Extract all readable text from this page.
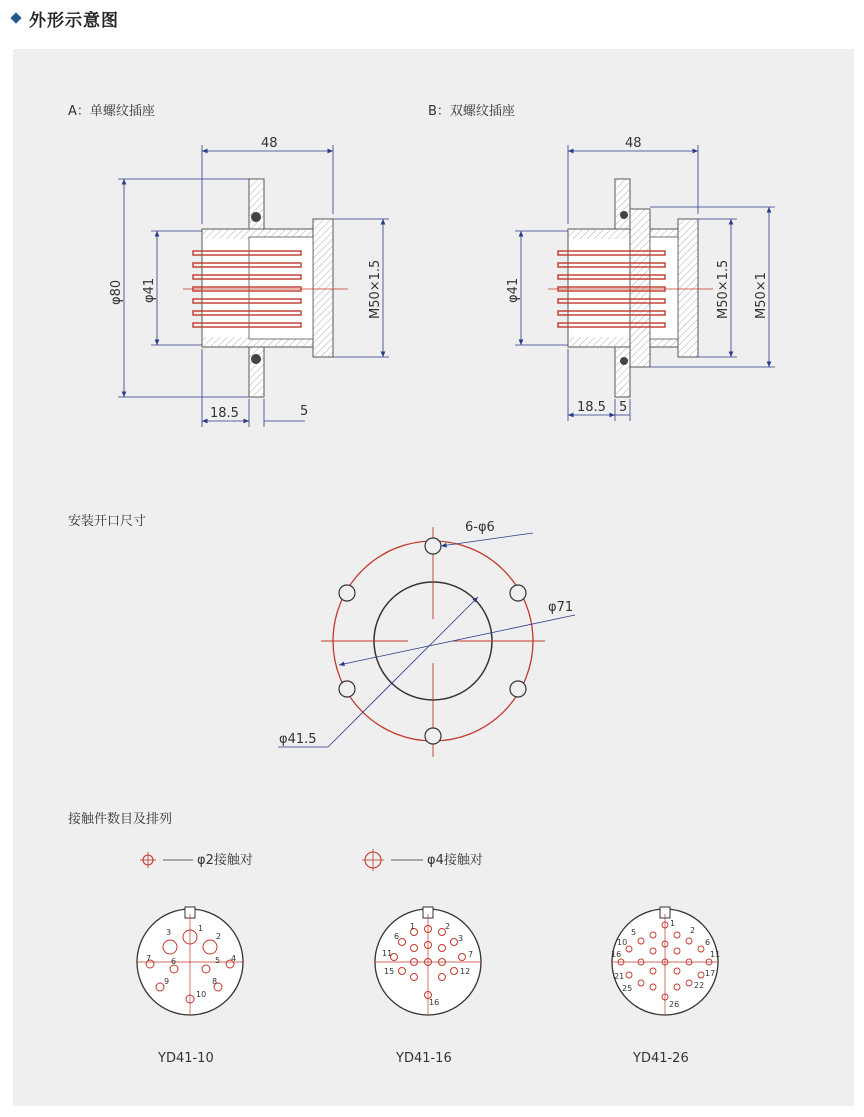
外形示意图
A：单螺纹插座
48
φ80 φ41	M50×1.5
18.5	5
B：双螺纹插座
48
φ41	M50×1.5 M50×1
18.5 5
安装开口尺寸	6-φ6
φ71
φ41.5
接触件数目及排列
φ2接触对	φ4接触对
1
2
3
4
5
6
7
8
9
10
YD41-10
1	2
3
6
7
11
12
15
16
YD41-16
1
2
5
6
10
11
16
17
21
22
25
26
YD41-26
